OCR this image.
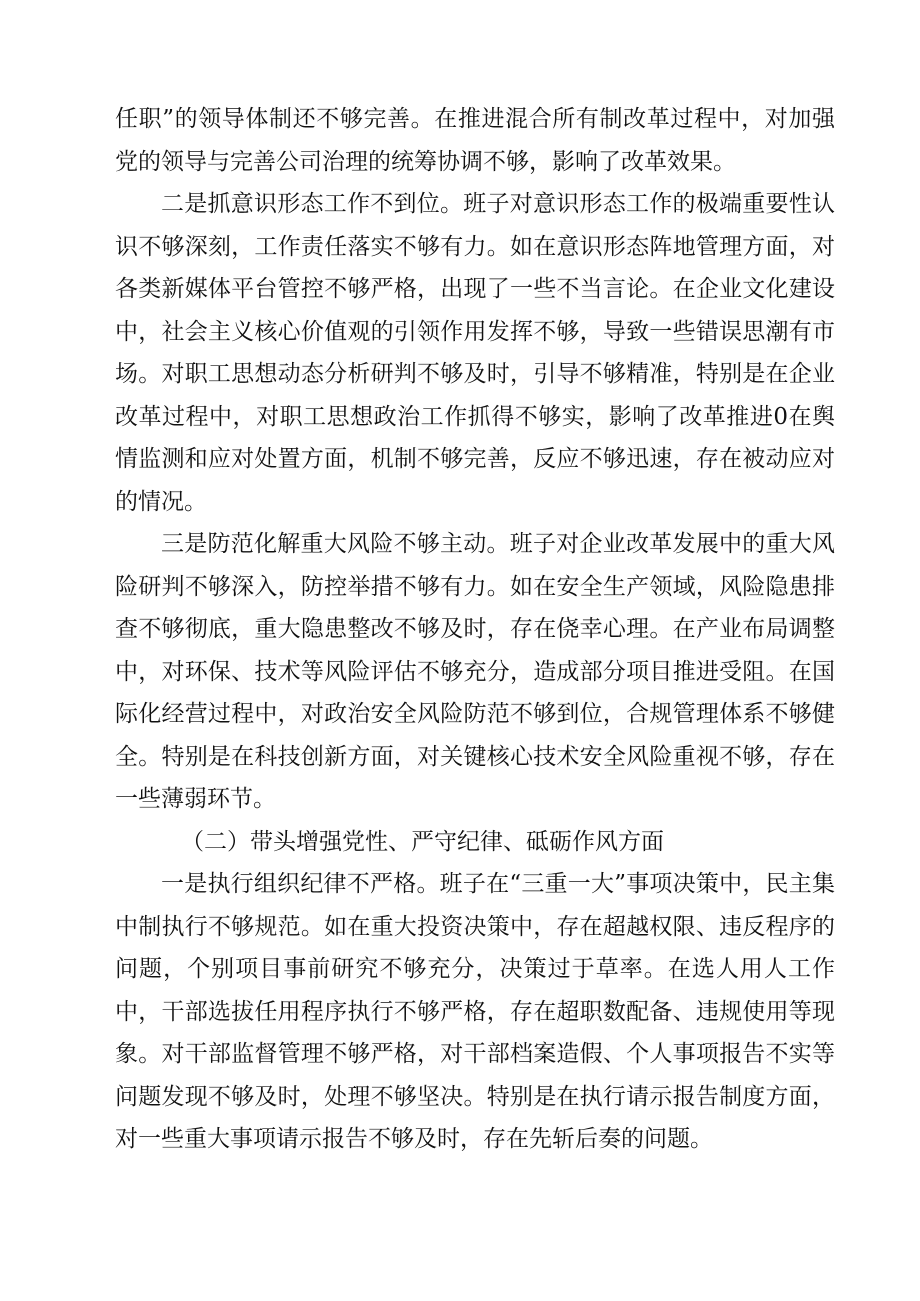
任职”的领导体制还不够完善。在推进混合所有制改革过程中，对加强党的领导与完善公司治理的统筹协调不够，影响了改革效果。

二是抓意识形态工作不到位。班子对意识形态工作的极端重要性认识不够深刻，工作责任落实不够有力。如在意识形态阵地管理方面，对各类新媒体平台管控不够严格，出现了一些不当言论。在企业文化建设中，社会主义核心价值观的引领作用发挥不够，导致一些错误思潮有市场。对职工思想动态分析研判不够及时，引导不够精准，特别是在企业改革过程中，对职工思想政治工作抓得不够实，影响了改革推进0在舆情监测和应对处置方面，机制不够完善，反应不够迅速，存在被动应对的情况。

三是防范化解重大风险不够主动。班子对企业改革发展中的重大风险研判不够深入，防控举措不够有力。如在安全生产领域，风险隐患排查不够彻底，重大隐患整改不够及时，存在侥幸心理。在产业布局调整中，对环保、技术等风险评估不够充分，造成部分项目推进受阻。在国际化经营过程中，对政治安全风险防范不够到位，合规管理体系不够健全。特别是在科技创新方面，对关键核心技术安全风险重视不够，存在一些薄弱环节。

（二）带头增强党性、严守纪律、砥砺作风方面

一是执行组织纪律不严格。班子在“三重一大”事项决策中，民主集中制执行不够规范。如在重大投资决策中，存在超越权限、违反程序的问题，个别项目事前研究不够充分，决策过于草率。在选人用人工作中，干部选拔任用程序执行不够严格，存在超职数配备、违规使用等现象。对干部监督管理不够严格，对干部档案造假、个人事项报告不实等问题发现不够及时，处理不够坚决。特别是在执行请示报告制度方面，对一些重大事项请示报告不够及时，存在先斩后奏的问题。
